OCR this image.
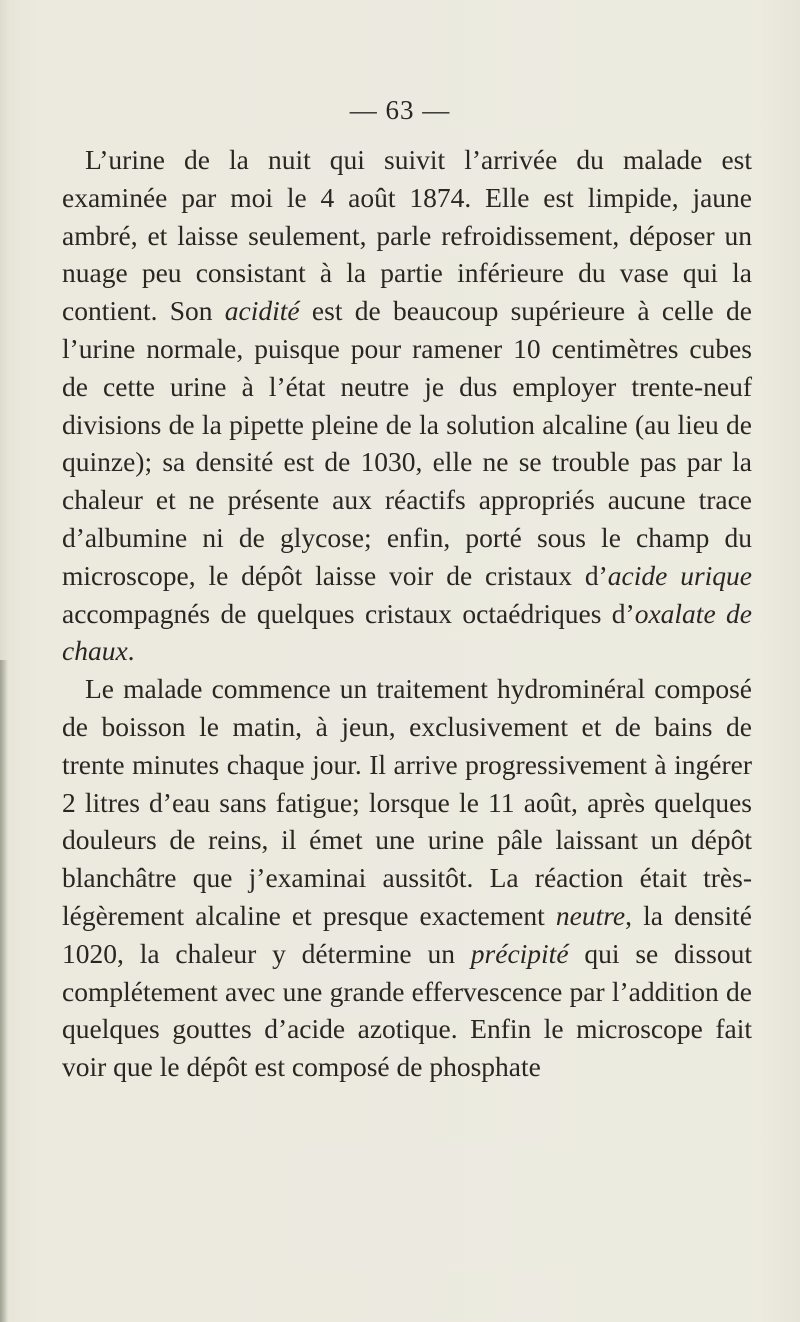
— 63 —

L’urine de la nuit qui suivit l’arrivée du malade est examinée par moi le 4 août 1874. Elle est limpide, jaune ambré, et laisse seulement, parle refroidissement, déposer un nuage peu consistant à la partie inférieure du vase qui la contient. Son acidité est de beaucoup supérieure à celle de l’urine normale, puisque pour ramener 10 centimètres cubes de cette urine à l’état neutre je dus employer trente-neuf divisions de la pipette pleine de la solution alcaline (au lieu de quinze); sa densité est de 1030, elle ne se trouble pas par la chaleur et ne présente aux réactifs appropriés aucune trace d’albumine ni de glycose; enfin, porté sous le champ du microscope, le dépôt laisse voir de cristaux d’acide urique accompagnés de quelques cristaux octaédriques d’oxalate de chaux.

Le malade commence un traitement hydrominéral composé de boisson le matin, à jeun, exclusivement et de bains de trente minutes chaque jour. Il arrive progressivement à ingérer 2 litres d’eau sans fatigue; lorsque le 11 août, après quelques douleurs de reins, il émet une urine pâle laissant un dépôt blanchâtre que j’examinai aussitôt. La réaction était très-légèrement alcaline et presque exactement neutre, la densité 1020, la chaleur y détermine un précipité qui se dissout complétement avec une grande effervescence par l’addition de quelques gouttes d’acide azotique. Enfin le microscope fait voir que le dépôt est composé de phosphate
